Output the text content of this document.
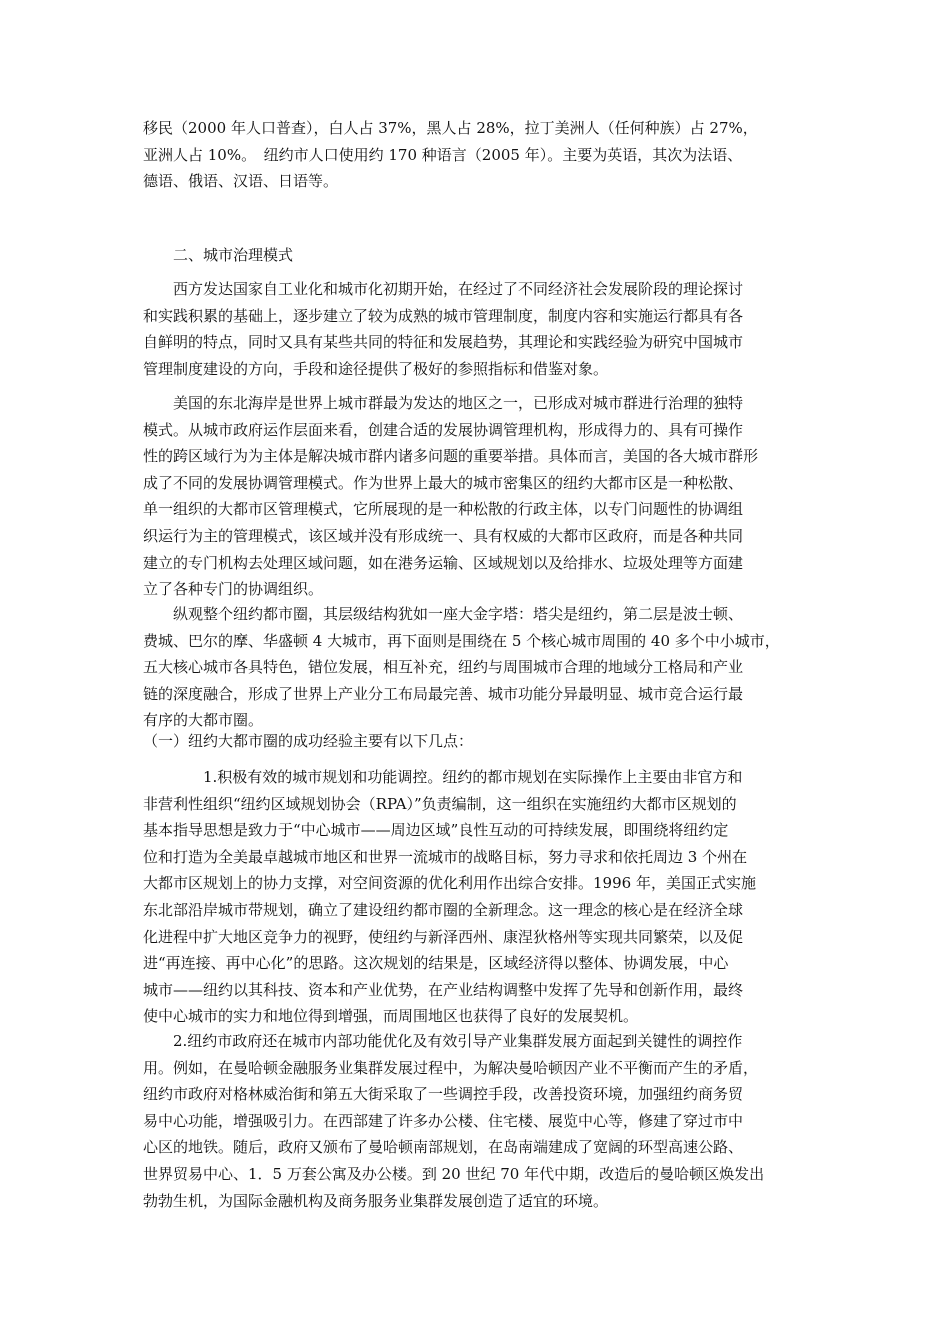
移民（2000 年人口普查），白人占 37%，黑人占 28%，拉丁美洲人（任何种族）占 27%，
亚洲人占 10%。　纽约市人口使用约 170 种语言（2005 年）。主要为英语，其次为法语、
德语、俄语、汉语、日语等。
二、城市治理模式
西方发达国家自工业化和城市化初期开始，在经过了不同经济社会发展阶段的理论探讨
和实践积累的基础上，逐步建立了较为成熟的城市管理制度，制度内容和实施运行都具有各
自鲜明的特点，同时又具有某些共同的特征和发展趋势，其理论和实践经验为研究中国城市
管理制度建设的方向，手段和途径提供了极好的参照指标和借鉴对象。
美国的东北海岸是世界上城市群最为发达的地区之一，已形成对城市群进行治理的独特
模式。从城市政府运作层面来看，创建合适的发展协调管理机构，形成得力的、具有可操作
性的跨区域行为为主体是解决城市群内诸多问题的重要举措。具体而言，美国的各大城市群形
成了不同的发展协调管理模式。作为世界上最大的城市密集区的纽约大都市区是一种松散、
单一组织的大都市区管理模式，它所展现的是一种松散的行政主体，以专门问题性的协调组
织运行为主的管理模式，该区域并没有形成统一、具有权威的大都市区政府，而是各种共同
建立的专门机构去处理区域问题，如在港务运输、区域规划以及给排水、垃圾处理等方面建
立了各种专门的协调组织。
纵观整个纽约都市圈，其层级结构犹如一座大金字塔：塔尖是纽约，第二层是波士顿、
费城、巴尔的摩、华盛顿 4 大城市，再下面则是围绕在 5 个核心城市周围的 40 多个中小城市，
五大核心城市各具特色，错位发展，相互补充，纽约与周围城市合理的地域分工格局和产业
链的深度融合，形成了世界上产业分工布局最完善、城市功能分异最明显、城市竞合运行最
有序的大都市圈。
（一）纽约大都市圈的成功经验主要有以下几点：
1.积极有效的城市规划和功能调控。纽约的都市规划在实际操作上主要由非官方和
非营利性组织“纽约区域规划协会（RPA）”负责编制，这一组织在实施纽约大都市区规划的
基本指导思想是致力于“中心城市——周边区域”良性互动的可持续发展，即围绕将纽约定
位和打造为全美最卓越城市地区和世界一流城市的战略目标，努力寻求和依托周边 3 个州在
大都市区规划上的协力支撑，对空间资源的优化利用作出综合安排。1996 年，美国正式实施
东北部沿岸城市带规划，确立了建设纽约都市圈的全新理念。这一理念的核心是在经济全球
化进程中扩大地区竞争力的视野，使纽约与新泽西州、康涅狄格州等实现共同繁荣，以及促
进“再连接、再中心化”的思路。这次规划的结果是，区域经济得以整体、协调发展，中心
城市——纽约以其科技、资本和产业优势，在产业结构调整中发挥了先导和创新作用，最终
使中心城市的实力和地位得到增强，而周围地区也获得了良好的发展契机。
2.纽约市政府还在城市内部功能优化及有效引导产业集群发展方面起到关键性的调控作
用。例如，在曼哈顿金融服务业集群发展过程中，为解决曼哈顿因产业不平衡而产生的矛盾，
纽约市政府对格林威治街和第五大街采取了一些调控手段，改善投资环境，加强纽约商务贸
易中心功能，增强吸引力。在西部建了许多办公楼、住宅楼、展览中心等，修建了穿过市中
心区的地铁。随后，政府又颁布了曼哈顿南部规划，在岛南端建成了宽阔的环型高速公路、
世界贸易中心、1．5 万套公寓及办公楼。到 20 世纪 70 年代中期，改造后的曼哈顿区焕发出
勃勃生机，为国际金融机构及商务服务业集群发展创造了适宜的环境。
